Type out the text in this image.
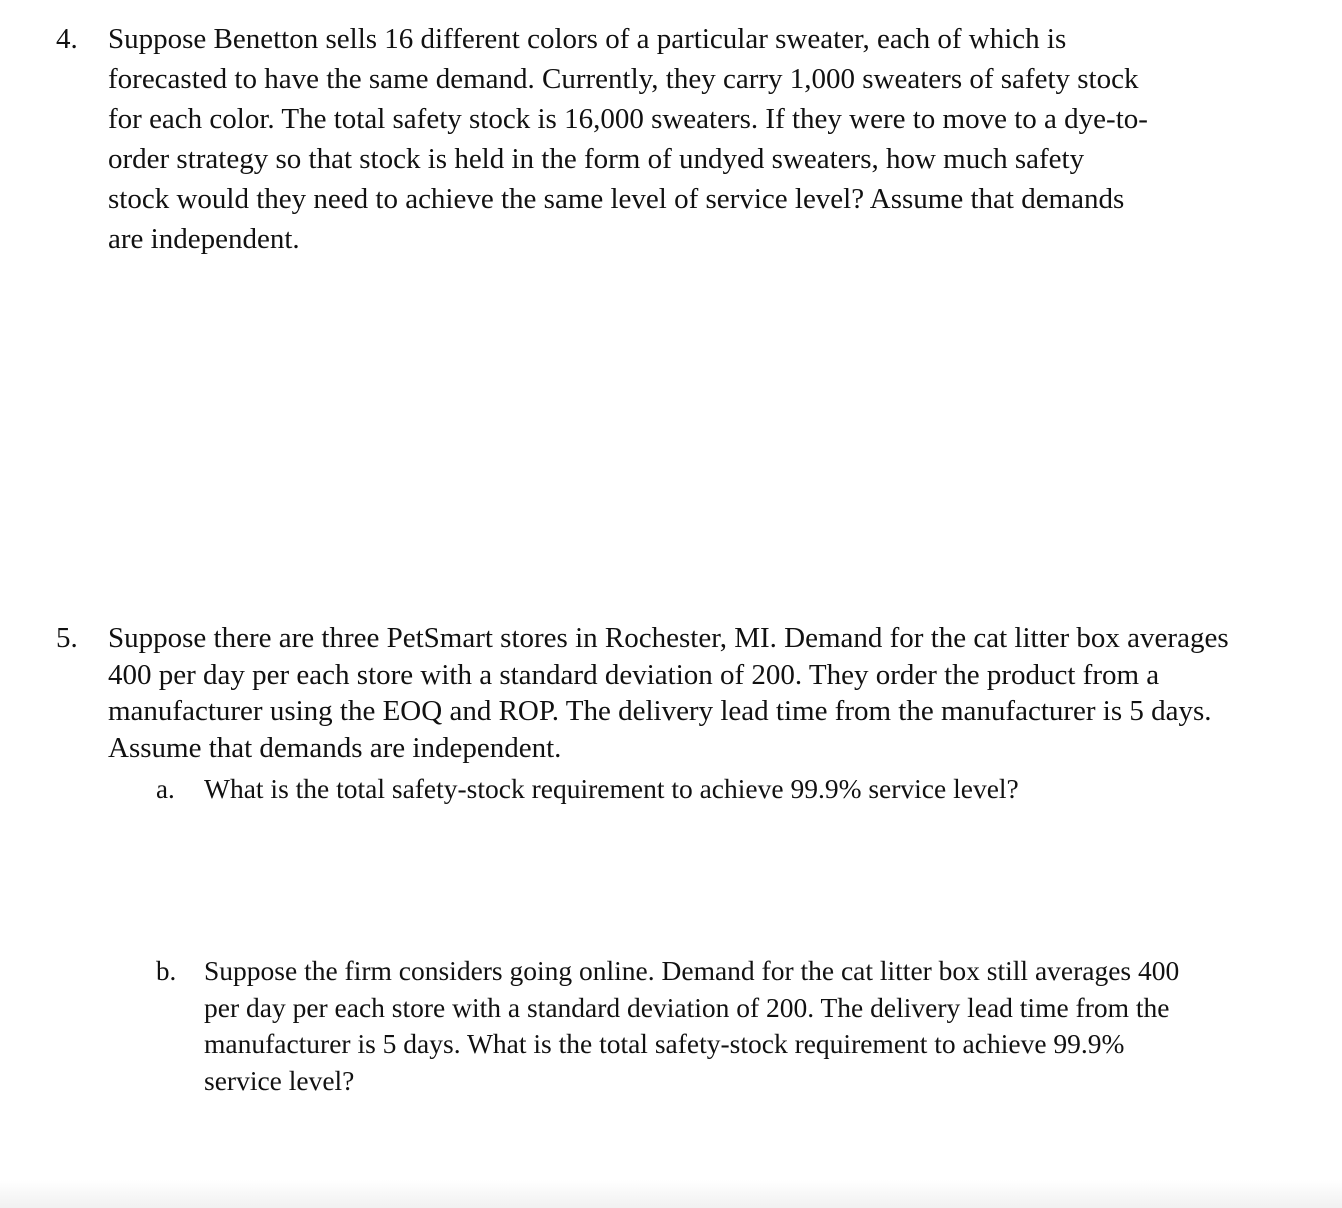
4. Suppose Benetton sells 16 different colors of a particular sweater, each of which is
forecasted to have the same demand. Currently, they carry 1,000 sweaters of safety stock
for each color. The total safety stock is 16,000 sweaters. If they were to move to a dye-to-
order strategy so that stock is held in the form of undyed sweaters, how much safety
stock would they need to achieve the same level of service level? Assume that demands
are independent.
5. Suppose there are three PetSmart stores in Rochester, MI. Demand for the cat litter box averages
400 per day per each store with a standard deviation of 200. They order the product from a
manufacturer using the EOQ and ROP. The delivery lead time from the manufacturer is 5 days.
Assume that demands are independent.
a. What is the total safety-stock requirement to achieve 99.9% service level?
b. Suppose the firm considers going online. Demand for the cat litter box still averages 400
per day per each store with a standard deviation of 200. The delivery lead time from the
manufacturer is 5 days. What is the total safety-stock requirement to achieve 99.9%
service level?
